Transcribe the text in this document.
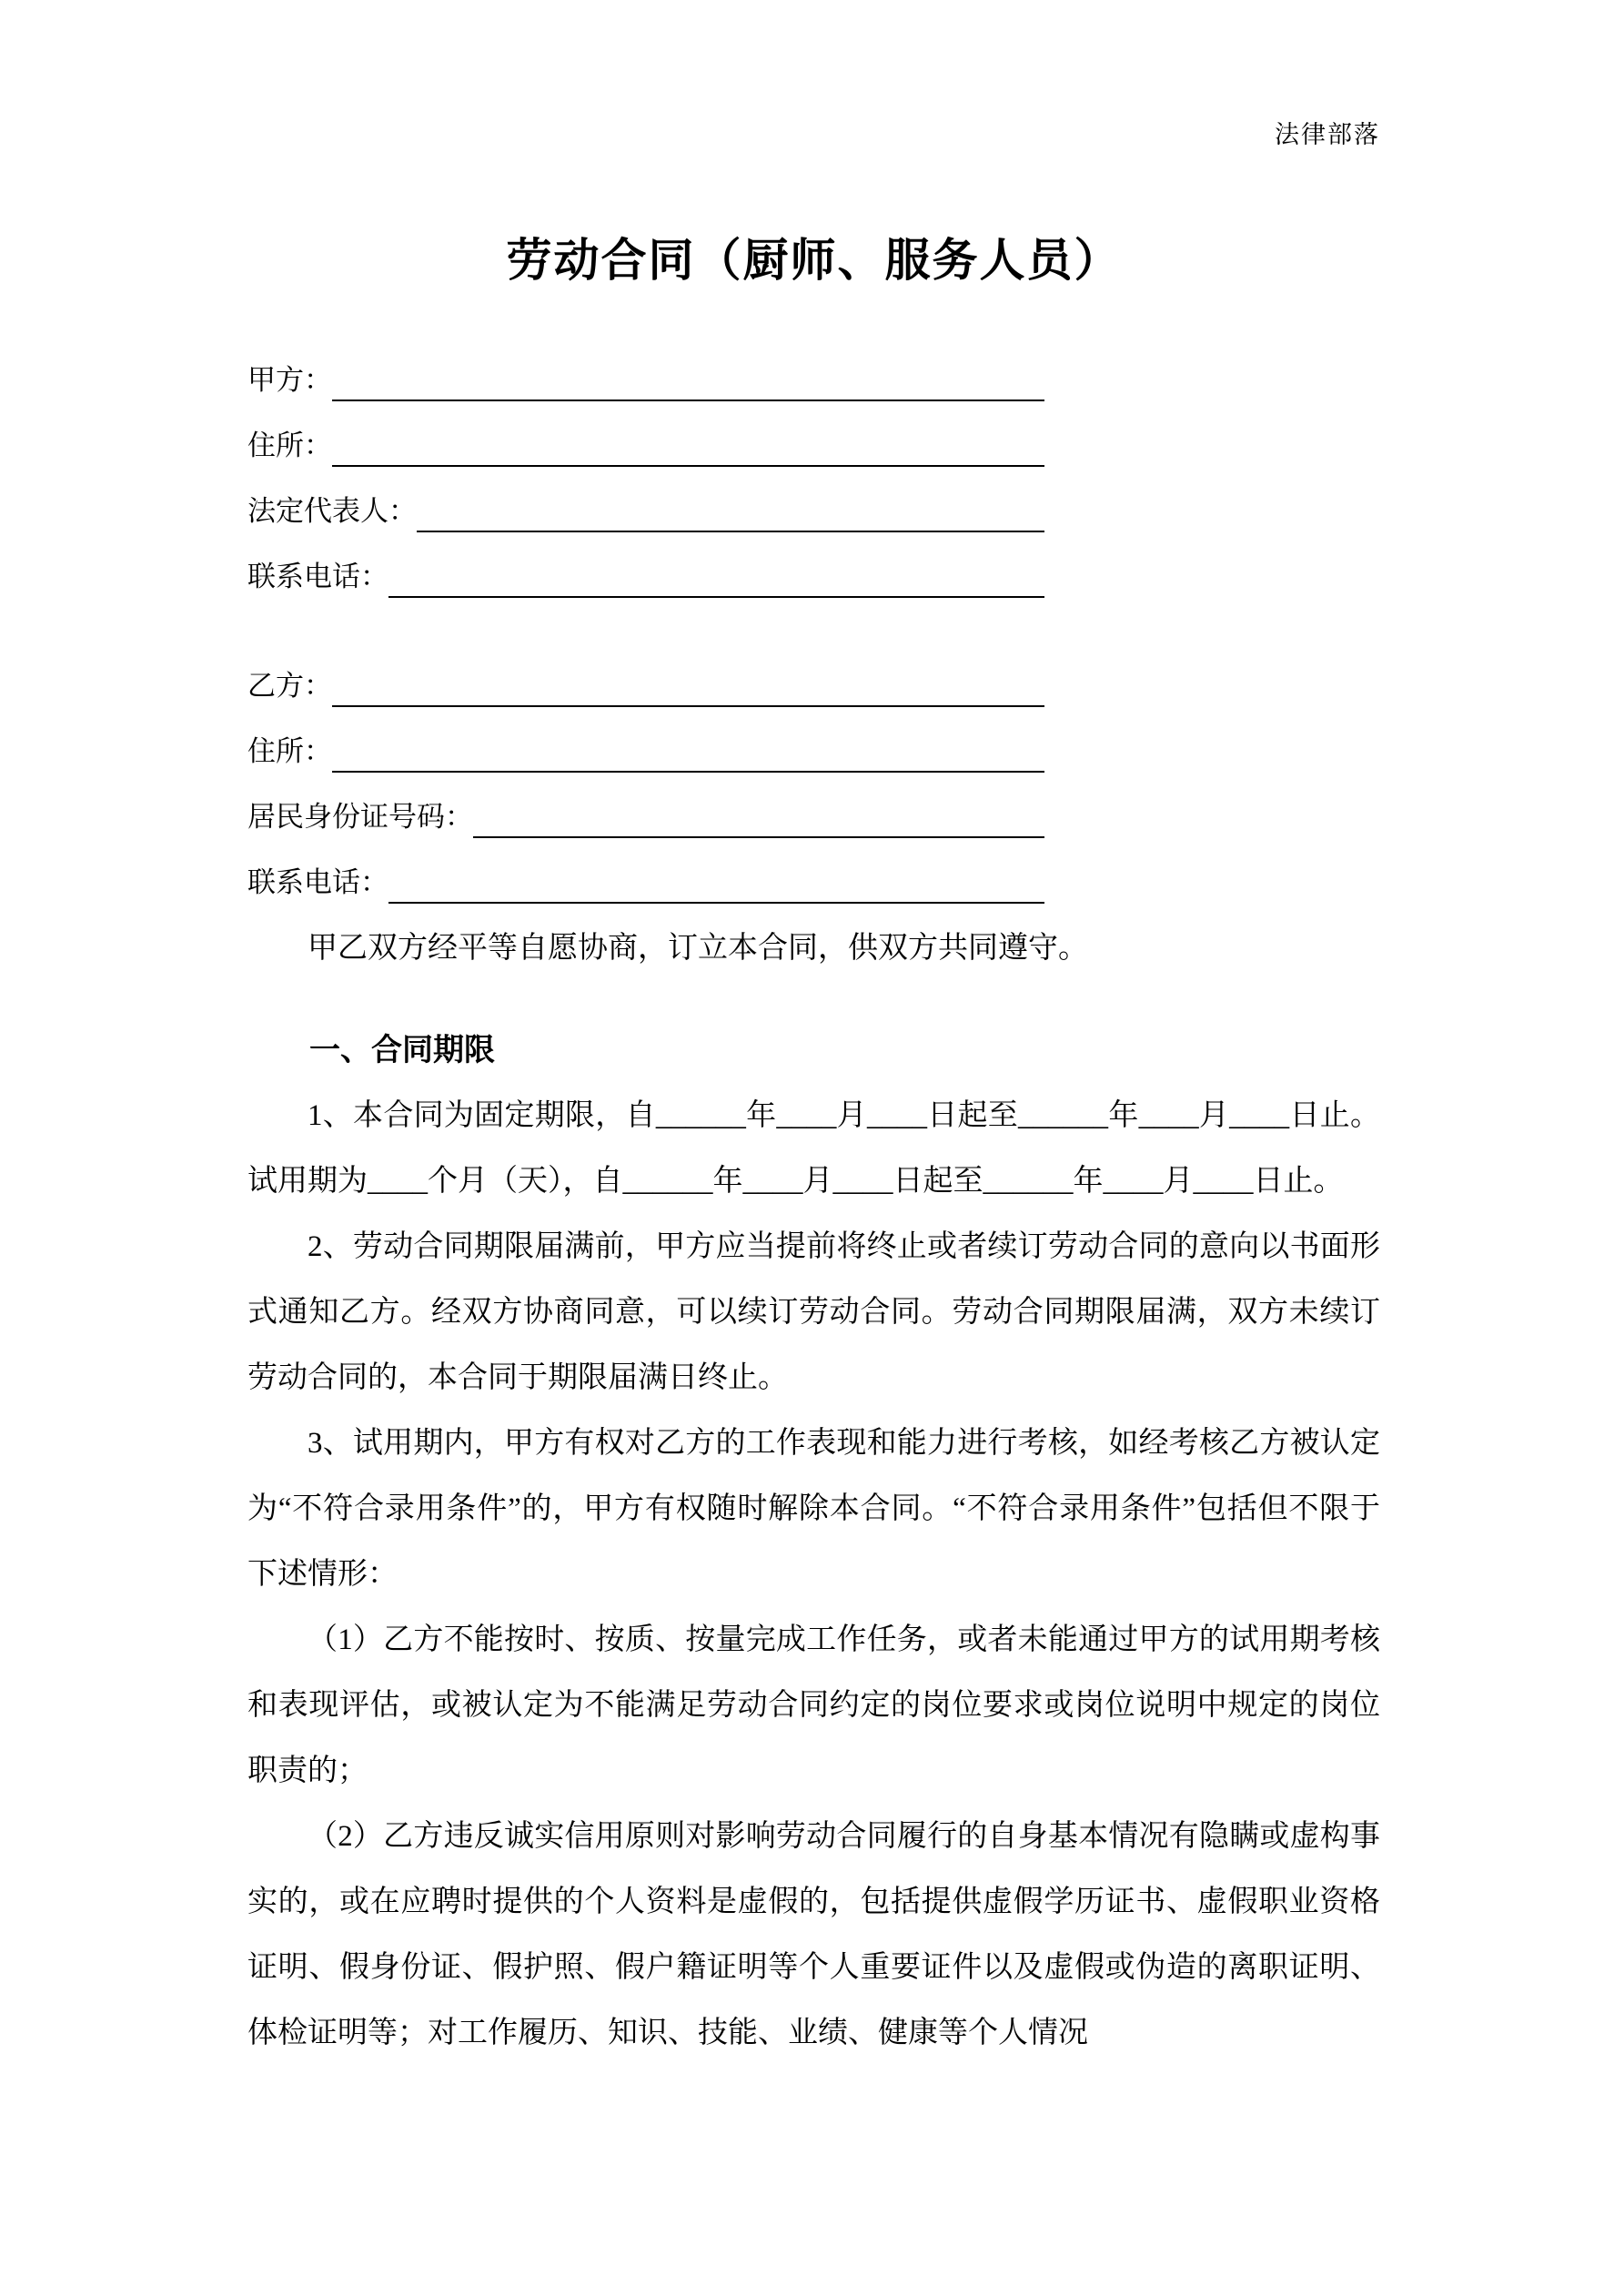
法律部落
劳动合同（厨师、服务人员）
甲方：
住所：
法定代表人：
联系电话：
乙方：
住所：
居民身份证号码：
联系电话：

甲乙双方经平等自愿协商，订立本合同，供双方共同遵守。

一、合同期限

1、本合同为固定期限，自______年____月____日起至______年____月____日止。试用期为____个月（天），自______年____月____日起至______年____月____日止。

2、劳动合同期限届满前，甲方应当提前将终止或者续订劳动合同的意向以书面形式通知乙方。经双方协商同意，可以续订劳动合同。劳动合同期限届满，双方未续订劳动合同的，本合同于期限届满日终止。

3、试用期内，甲方有权对乙方的工作表现和能力进行考核，如经考核乙方被认定为“不符合录用条件”的，甲方有权随时解除本合同。“不符合录用条件”包括但不限于下述情形：

（1）乙方不能按时、按质、按量完成工作任务，或者未能通过甲方的试用期考核和表现评估，或被认定为不能满足劳动合同约定的岗位要求或岗位说明中规定的岗位职责的；

（2）乙方违反诚实信用原则对影响劳动合同履行的自身基本情况有隐瞒或虚构事实的，或在应聘时提供的个人资料是虚假的，包括提供虚假学历证书、虚假职业资格证明、假身份证、假护照、假户籍证明等个人重要证件以及虚假或伪造的离职证明、体检证明等；对工作履历、知识、技能、业绩、健康等个人情况
